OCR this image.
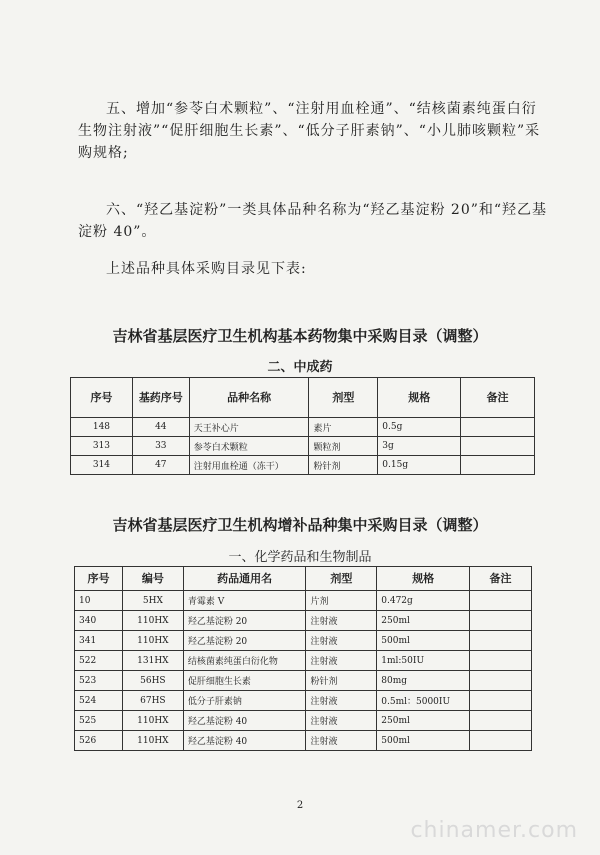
五、增加“参苓白术颗粒”、“注射用血栓通”、“结核菌素纯蛋白衍生物注射液”“促肝细胞生长素”、“低分子肝素钠”、“小儿肺咳颗粒”采购规格;

六、“羟乙基淀粉”一类具体品种名称为“羟乙基淀粉 20”和“羟乙基淀粉 40”。

上述品种具体采购目录见下表:

吉林省基层医疗卫生机构基本药物集中采购目录（调整）

二、中成药

序号	基药序号	品种名称	剂型	规格	备注
148	44	天王补心片	素片	0.5g	
313	33	参苓白术颗粒	颗粒剂	3g	
314	47	注射用血栓通（冻干）	粉针剂	0.15g	

吉林省基层医疗卫生机构增补品种集中采购目录（调整）

一、化学药品和生物制品

序号	编号	药品通用名	剂型	规格	备注
10	5HX	青霉素 V	片剂	0.472g	
340	110HX	羟乙基淀粉 20	注射液	250ml	
341	110HX	羟乙基淀粉 20	注射液	500ml	
522	131HX	结核菌素纯蛋白衍化物	注射液	1ml:50IU	
523	56HS	促肝细胞生长素	粉针剂	80mg	
524	67HS	低分子肝素钠	注射液	0.5ml：5000IU	
525	110HX	羟乙基淀粉 40	注射液	250ml	
526	110HX	羟乙基淀粉 40	注射液	500ml	

2

chinamer.com
